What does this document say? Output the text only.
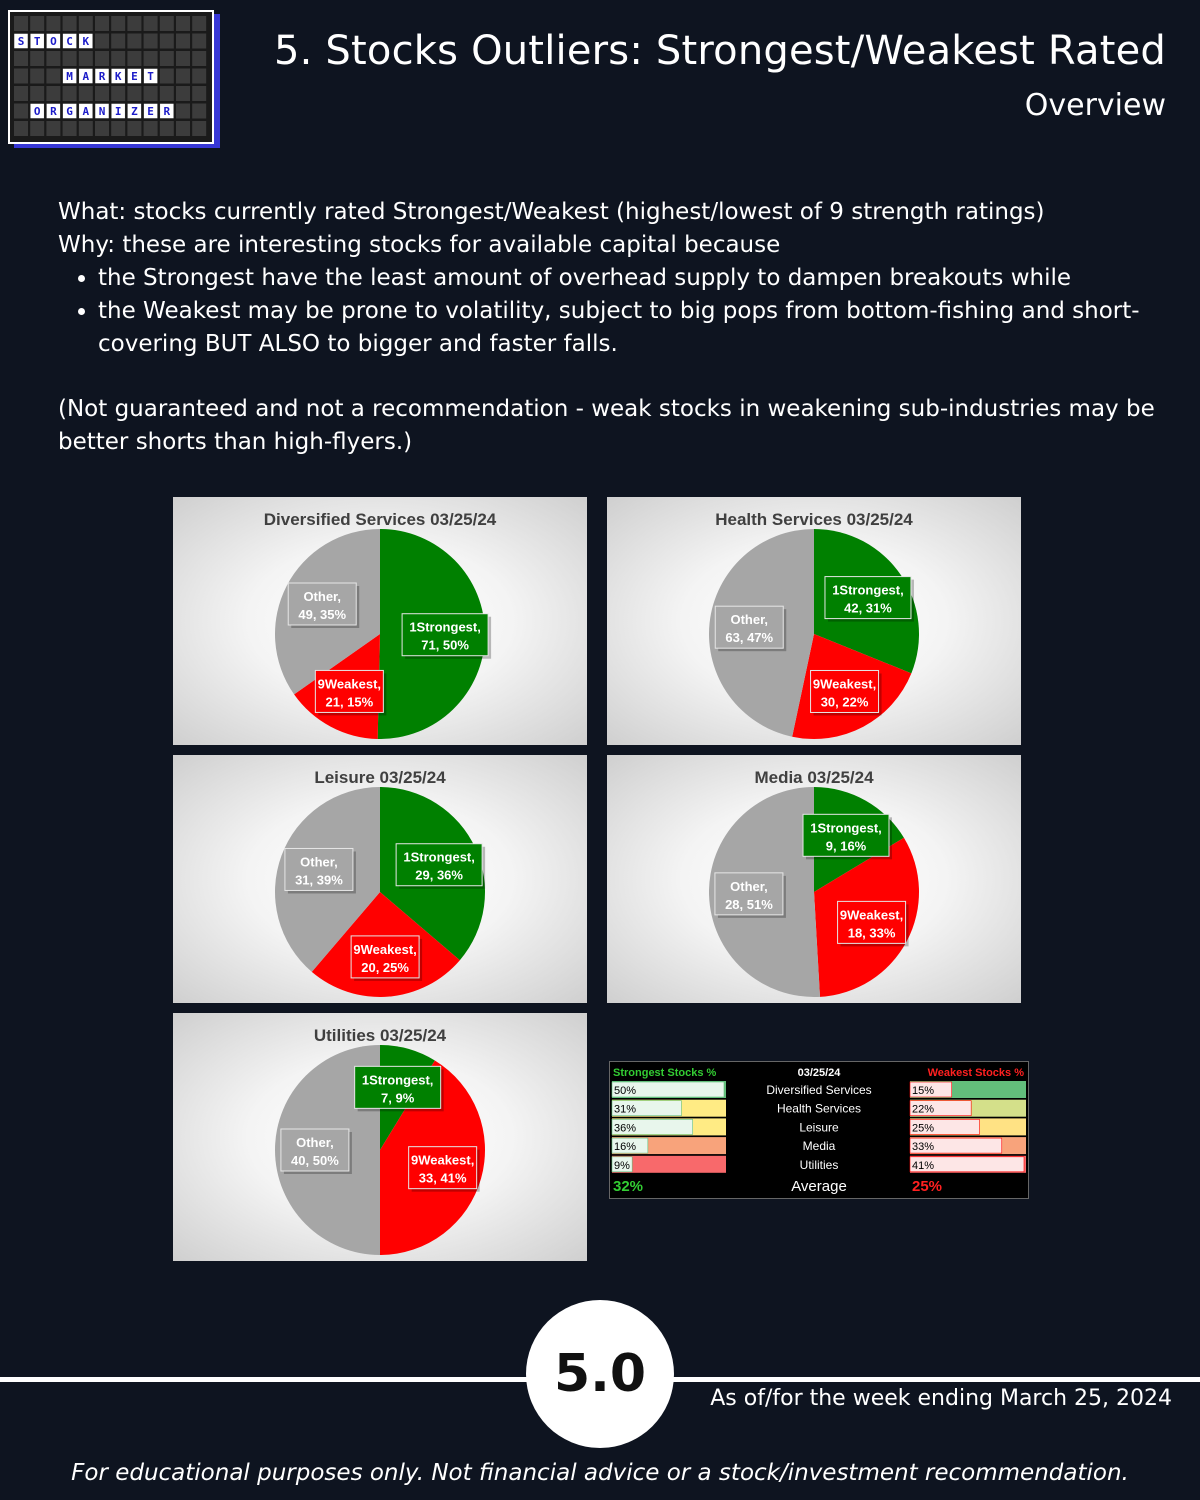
S T O C K
M A R K E T
O R G A N I Z E R
5. Stocks Outliers: Strongest/Weakest Rated
Overview

What: stocks currently rated Strongest/Weakest (highest/lowest of 9 strength ratings)

Why: these are interesting stocks for available capital because

• the Strongest have the least amount of overhead supply to dampen breakouts while
• the Weakest may be prone to volatility, subject to big pops from bottom-fishing and short-covering BUT ALSO to bigger and faster falls.

(Not guaranteed and not a recommendation - weak stocks in weakening sub-industries may be better shorts than high-flyers.)

Diversified Services 03/25/24
1Strongest,
71, 50%
9Weakest,
21, 15%
Other,
49, 35%
Health Services 03/25/24
1Strongest,
42, 31%
9Weakest,
30, 22%
Other,
63, 47%
Leisure 03/25/24
1Strongest,
29, 36%
9Weakest,
20, 25%
Other,
31, 39%
Media 03/25/24
1Strongest,
9, 16%
9Weakest,
18, 33%
Other,
28, 51%
Utilities 03/25/24
1Strongest,
7, 9%
9Weakest,
33, 41%
Other,
40, 50%
Strongest Stocks %	03/25/24	Weakest Stocks %
50%	Diversified Services	15%
31%	Health Services	22%
36%	Leisure	25%
16%	Media	33%
9%	Utilities	41%
32%	Average	25%
5.0	As of/for the week ending March 25, 2024
For educational purposes only. Not financial advice or a stock/investment recommendation.
